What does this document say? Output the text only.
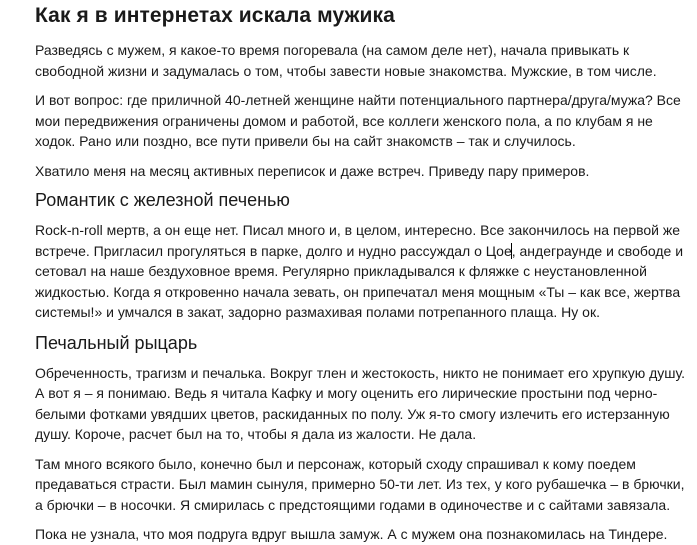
Как я в интернетах искала мужика

Разведясь с мужем, я какое-то время погоревала (на самом деле нет), начала привыкать к свободной жизни и задумалась о том, чтобы завести новые знакомства. Мужские, в том числе.

И вот вопрос: где приличной 40-летней женщине найти потенциального партнера/друга/мужа? Все мои передвижения ограничены домом и работой, все коллеги женского пола, а по клубам я не ходок. Рано или поздно, все пути привели бы на сайт знакомств – так и случилось.

Хватило меня на месяц активных переписок и даже встреч. Приведу пару примеров.

Романтик с железной печенью

Rock-n-roll мертв, а он еще нет. Писал много и, в целом, интересно. Все закончилось на первой же встрече. Пригласил прогуляться в парке, долго и нудно рассуждал о Цое, андеграунде и свободе и сетовал на наше бездуховное время. Регулярно прикладывался к фляжке с неустановленной жидкостью. Когда я откровенно начала зевать, он припечатал меня мощным «Ты – как все, жертва системы!» и умчался в закат, задорно размахивая полами потрепанного плаща. Ну ок.

Печальный рыцарь

Обреченность, трагизм и печалька. Вокруг тлен и жестокость, никто не понимает его хрупкую душу. А вот я – я понимаю. Ведь я читала Кафку и могу оценить его лирические простыни под черно-белыми фотками увядших цветов, раскиданных по полу. Уж я-то смогу излечить его истерзанную душу. Короче, расчет был на то, чтобы я дала из жалости. Не дала.

Там много всякого было, конечно был и персонаж, который сходу спрашивал к кому поедем предаваться страсти. Был мамин сынуля, примерно 50-ти лет. Из тех, у кого рубашечка – в брючки, а брючки – в носочки. Я смирилась с предстоящими годами в одиночестве и с сайтами завязала.

Пока не узнала, что моя подруга вдруг вышла замуж. А с мужем она познакомилась на Тиндере.
